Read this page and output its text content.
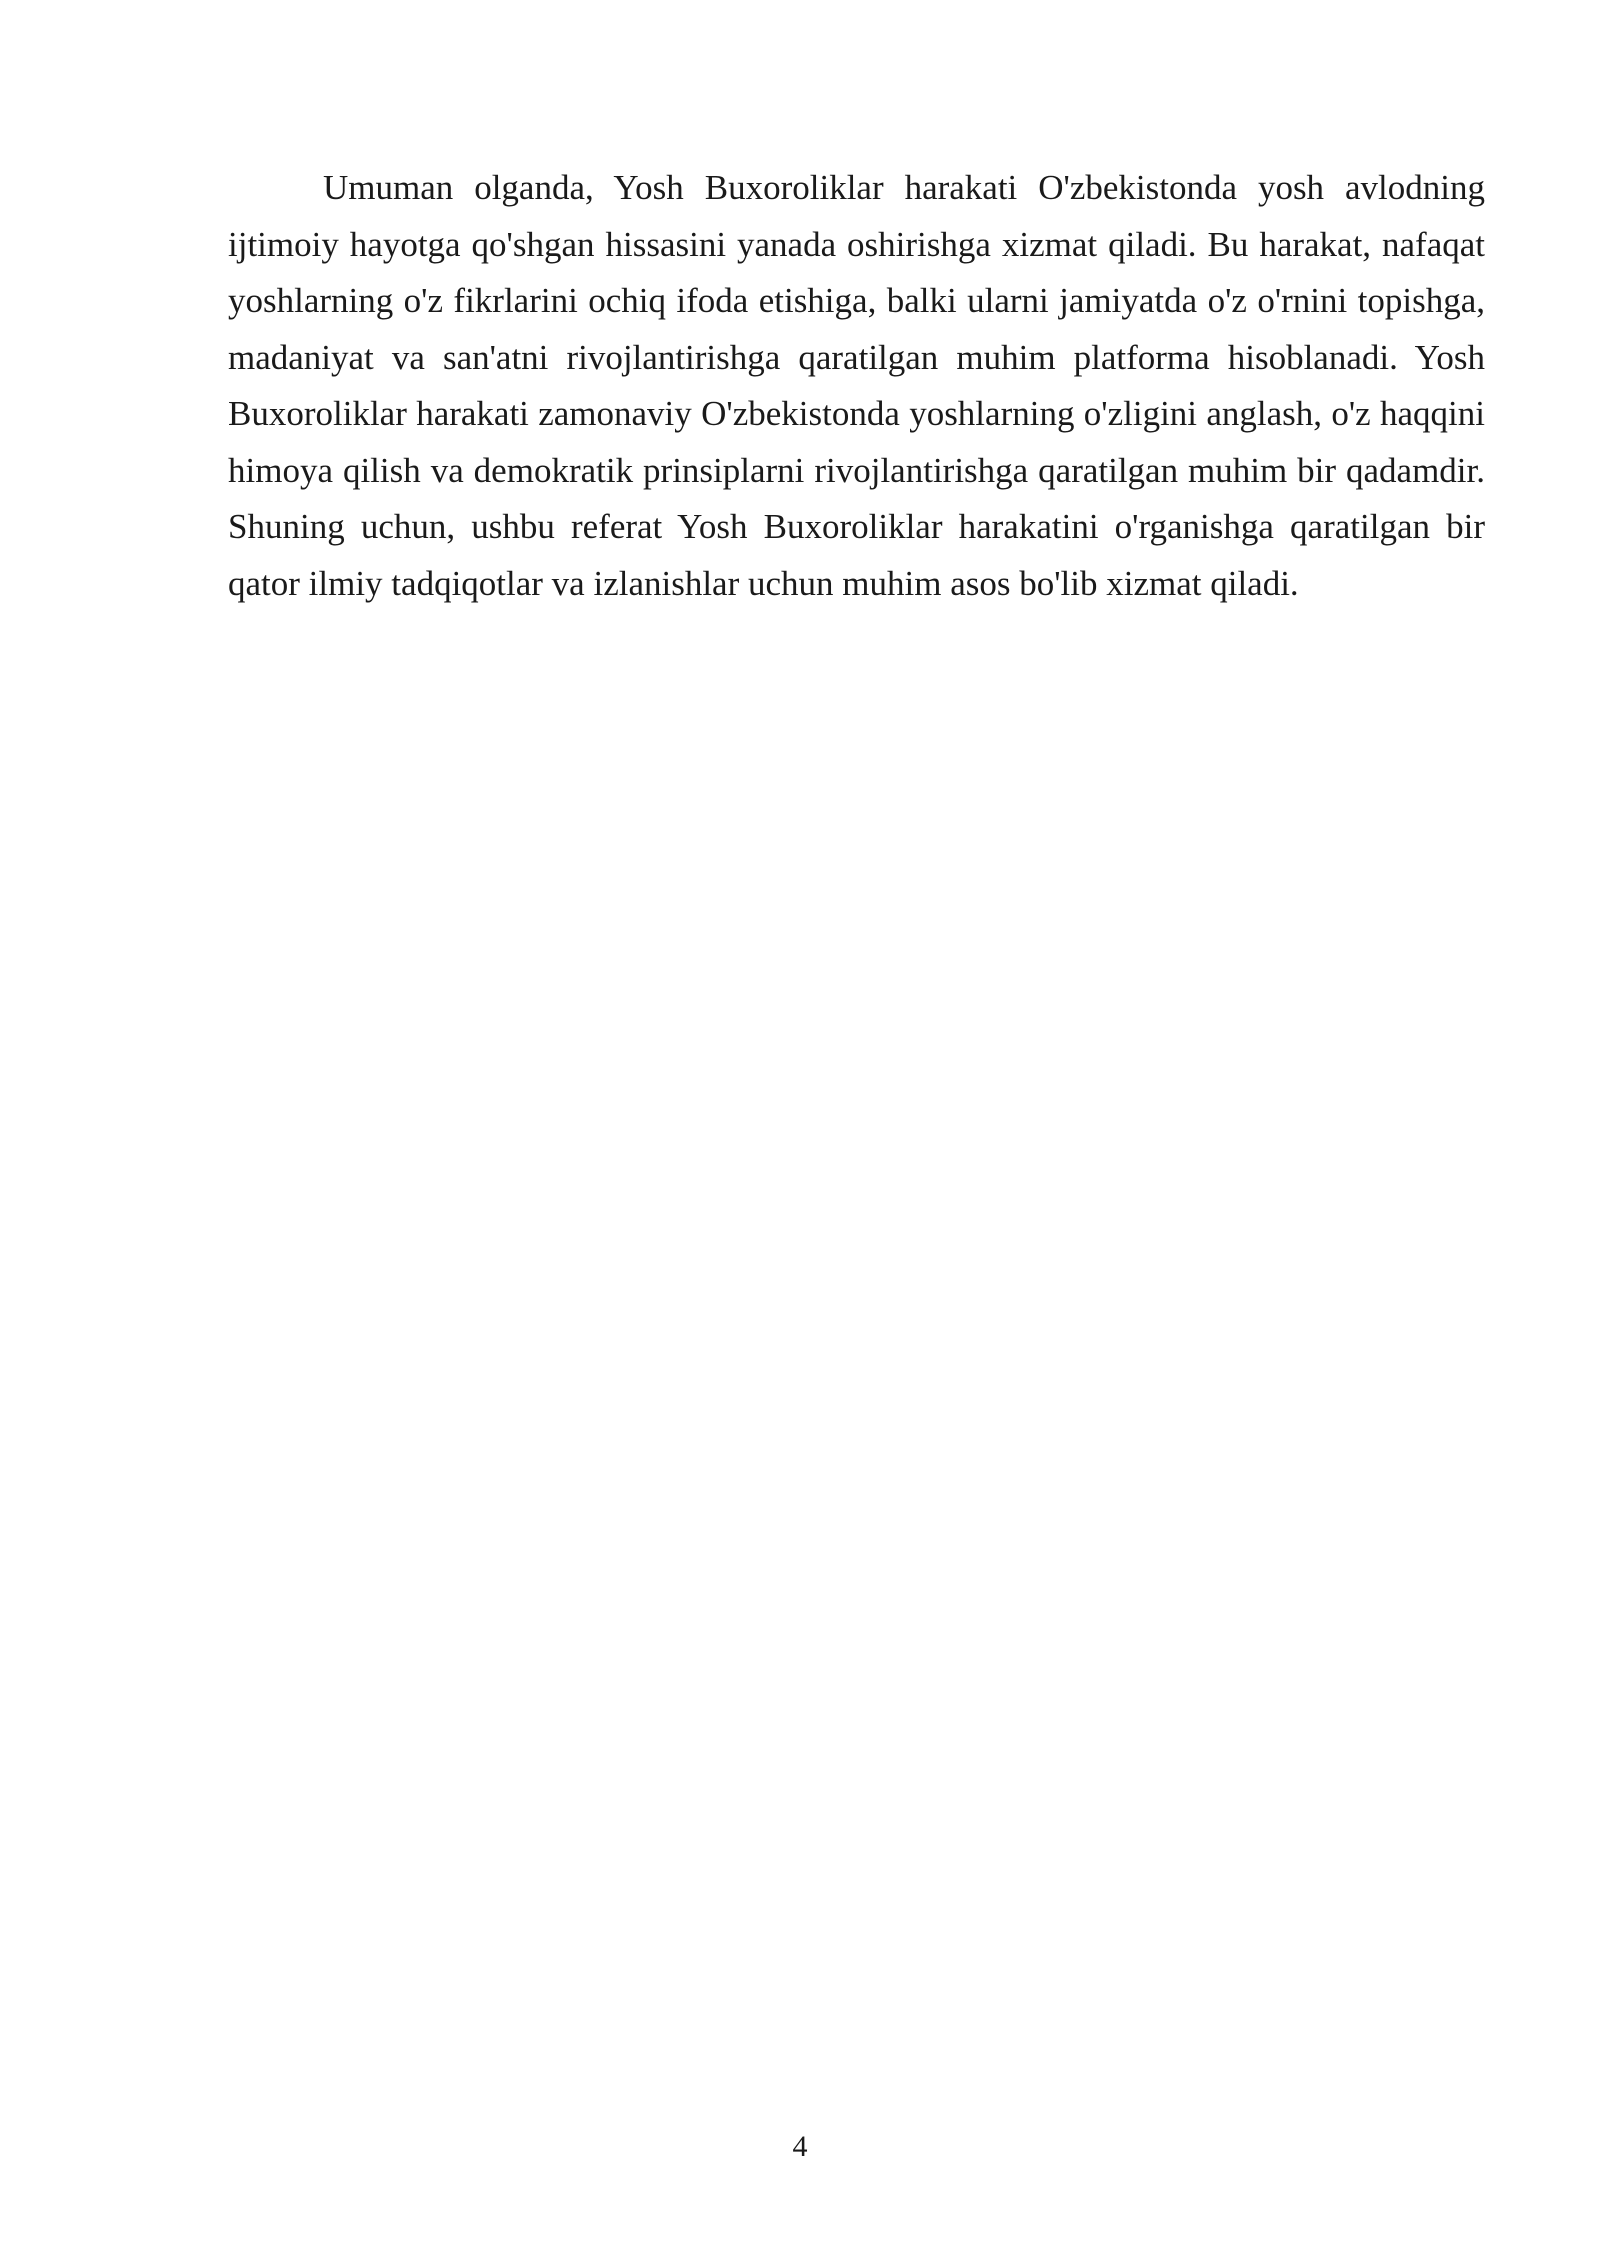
Umuman olganda, Yosh Buxoroliklar harakati O'zbekistonda yosh avlodning ijtimoiy hayotga qo'shgan hissasini yanada oshirishga xizmat qiladi. Bu harakat, nafaqat yoshlarning o'z fikrlarini ochiq ifoda etishiga, balki ularni jamiyatda o'z o'rnini topishga, madaniyat va san'atni rivojlantirishga qaratilgan muhim platforma hisoblanadi. Yosh Buxoroliklar harakati zamonaviy O'zbekistonda yoshlarning o'zligini anglash, o'z haqqini himoya qilish va demokratik prinsiplarni rivojlantirishga qaratilgan muhim bir qadamdir. Shuning uchun, ushbu referat Yosh Buxoroliklar harakatini o'rganishga qaratilgan bir qator ilmiy tadqiqotlar va izlanishlar uchun muhim asos bo'lib xizmat qiladi.

4
